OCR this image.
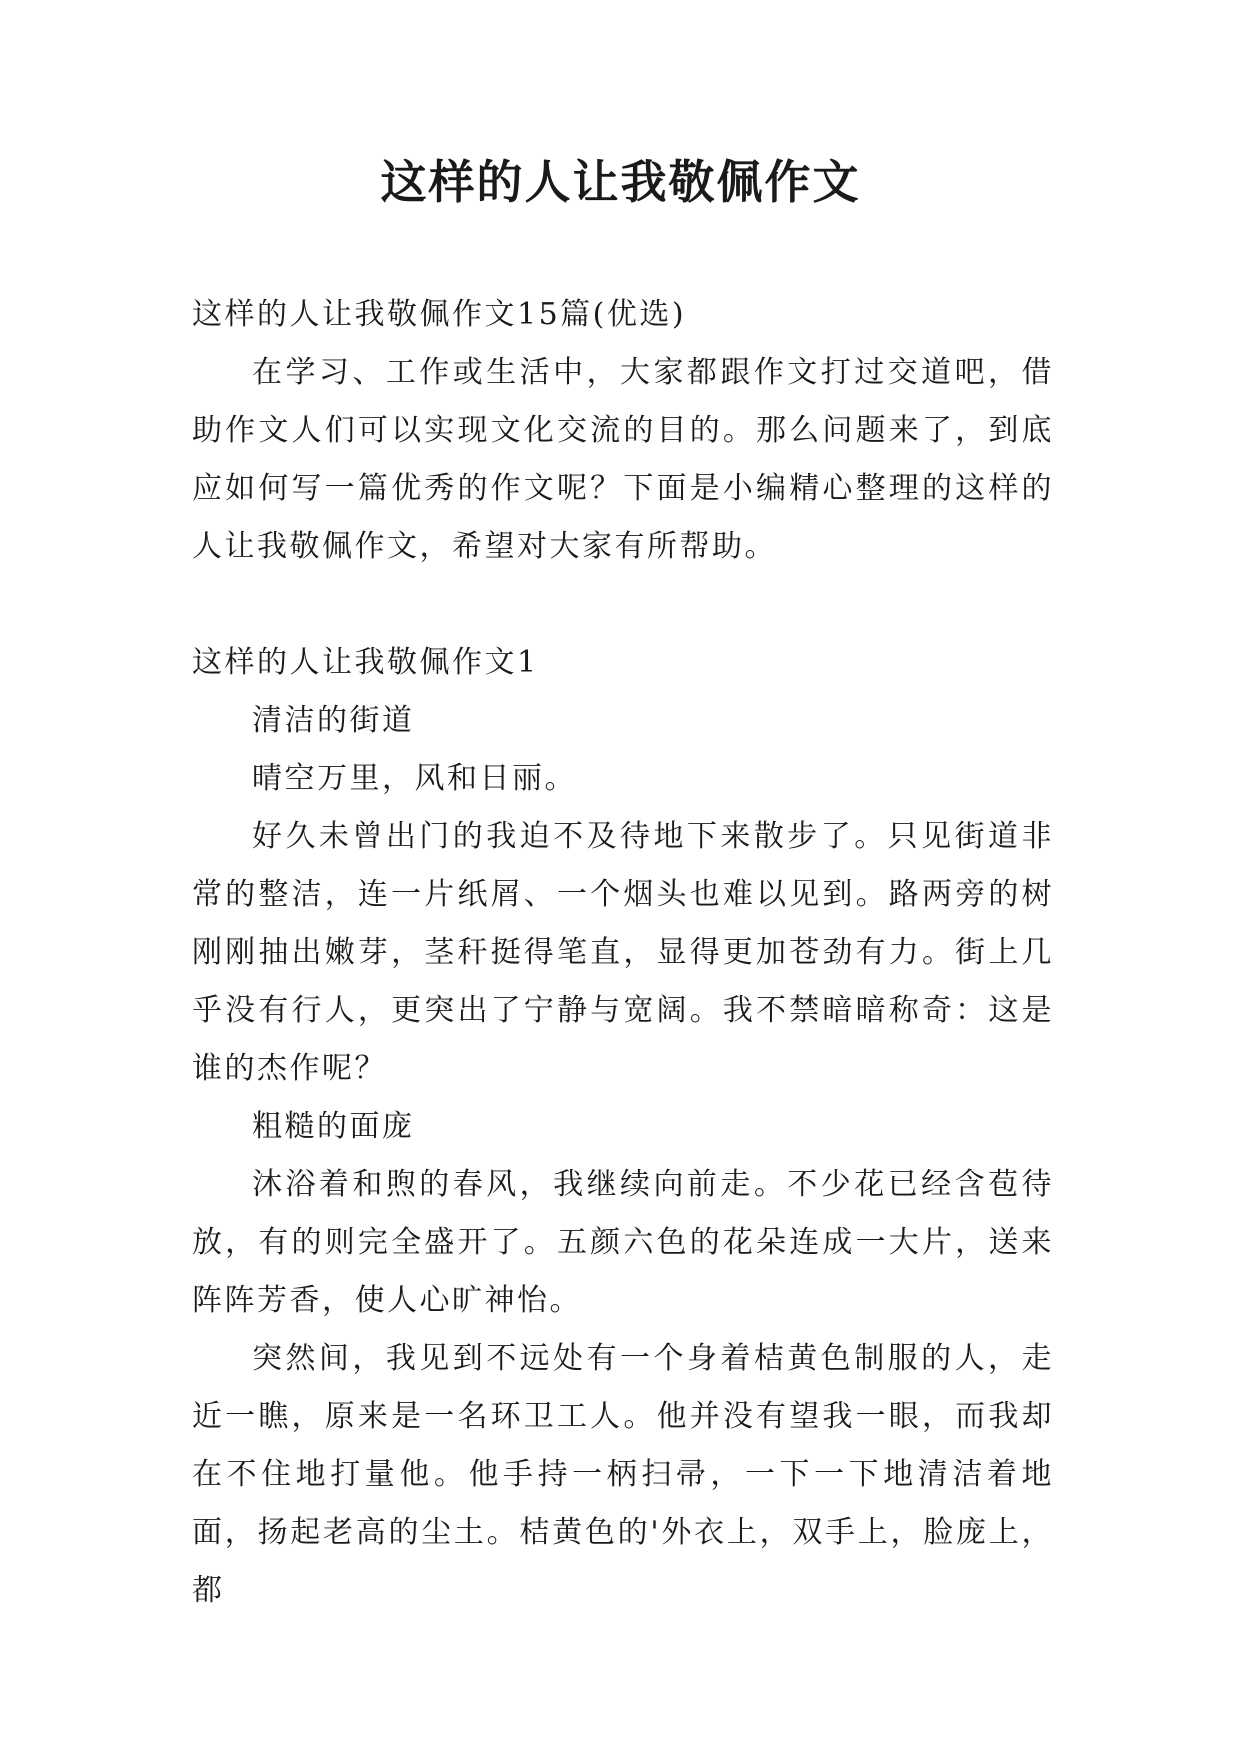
这样的人让我敬佩作文

这样的人让我敬佩作文15篇(优选)

在学习、工作或生活中，大家都跟作文打过交道吧，借助作文人们可以实现文化交流的目的。那么问题来了，到底应如何写一篇优秀的作文呢？下面是小编精心整理的这样的人让我敬佩作文，希望对大家有所帮助。

这样的人让我敬佩作文1

清洁的街道

晴空万里，风和日丽。

好久未曾出门的我迫不及待地下来散步了。只见街道非常的整洁，连一片纸屑、一个烟头也难以见到。路两旁的树刚刚抽出嫩芽，茎秆挺得笔直，显得更加苍劲有力。街上几乎没有行人，更突出了宁静与宽阔。我不禁暗暗称奇：这是谁的杰作呢？

粗糙的面庞

沐浴着和煦的春风，我继续向前走。不少花已经含苞待放，有的则完全盛开了。五颜六色的花朵连成一大片，送来阵阵芳香，使人心旷神怡。

突然间，我见到不远处有一个身着桔黄色制服的人，走近一瞧，原来是一名环卫工人。他并没有望我一眼，而我却在不住地打量他。他手持一柄扫帚，一下一下地清洁着地面，扬起老高的尘土。桔黄色的'外衣上，双手上，脸庞上，都
